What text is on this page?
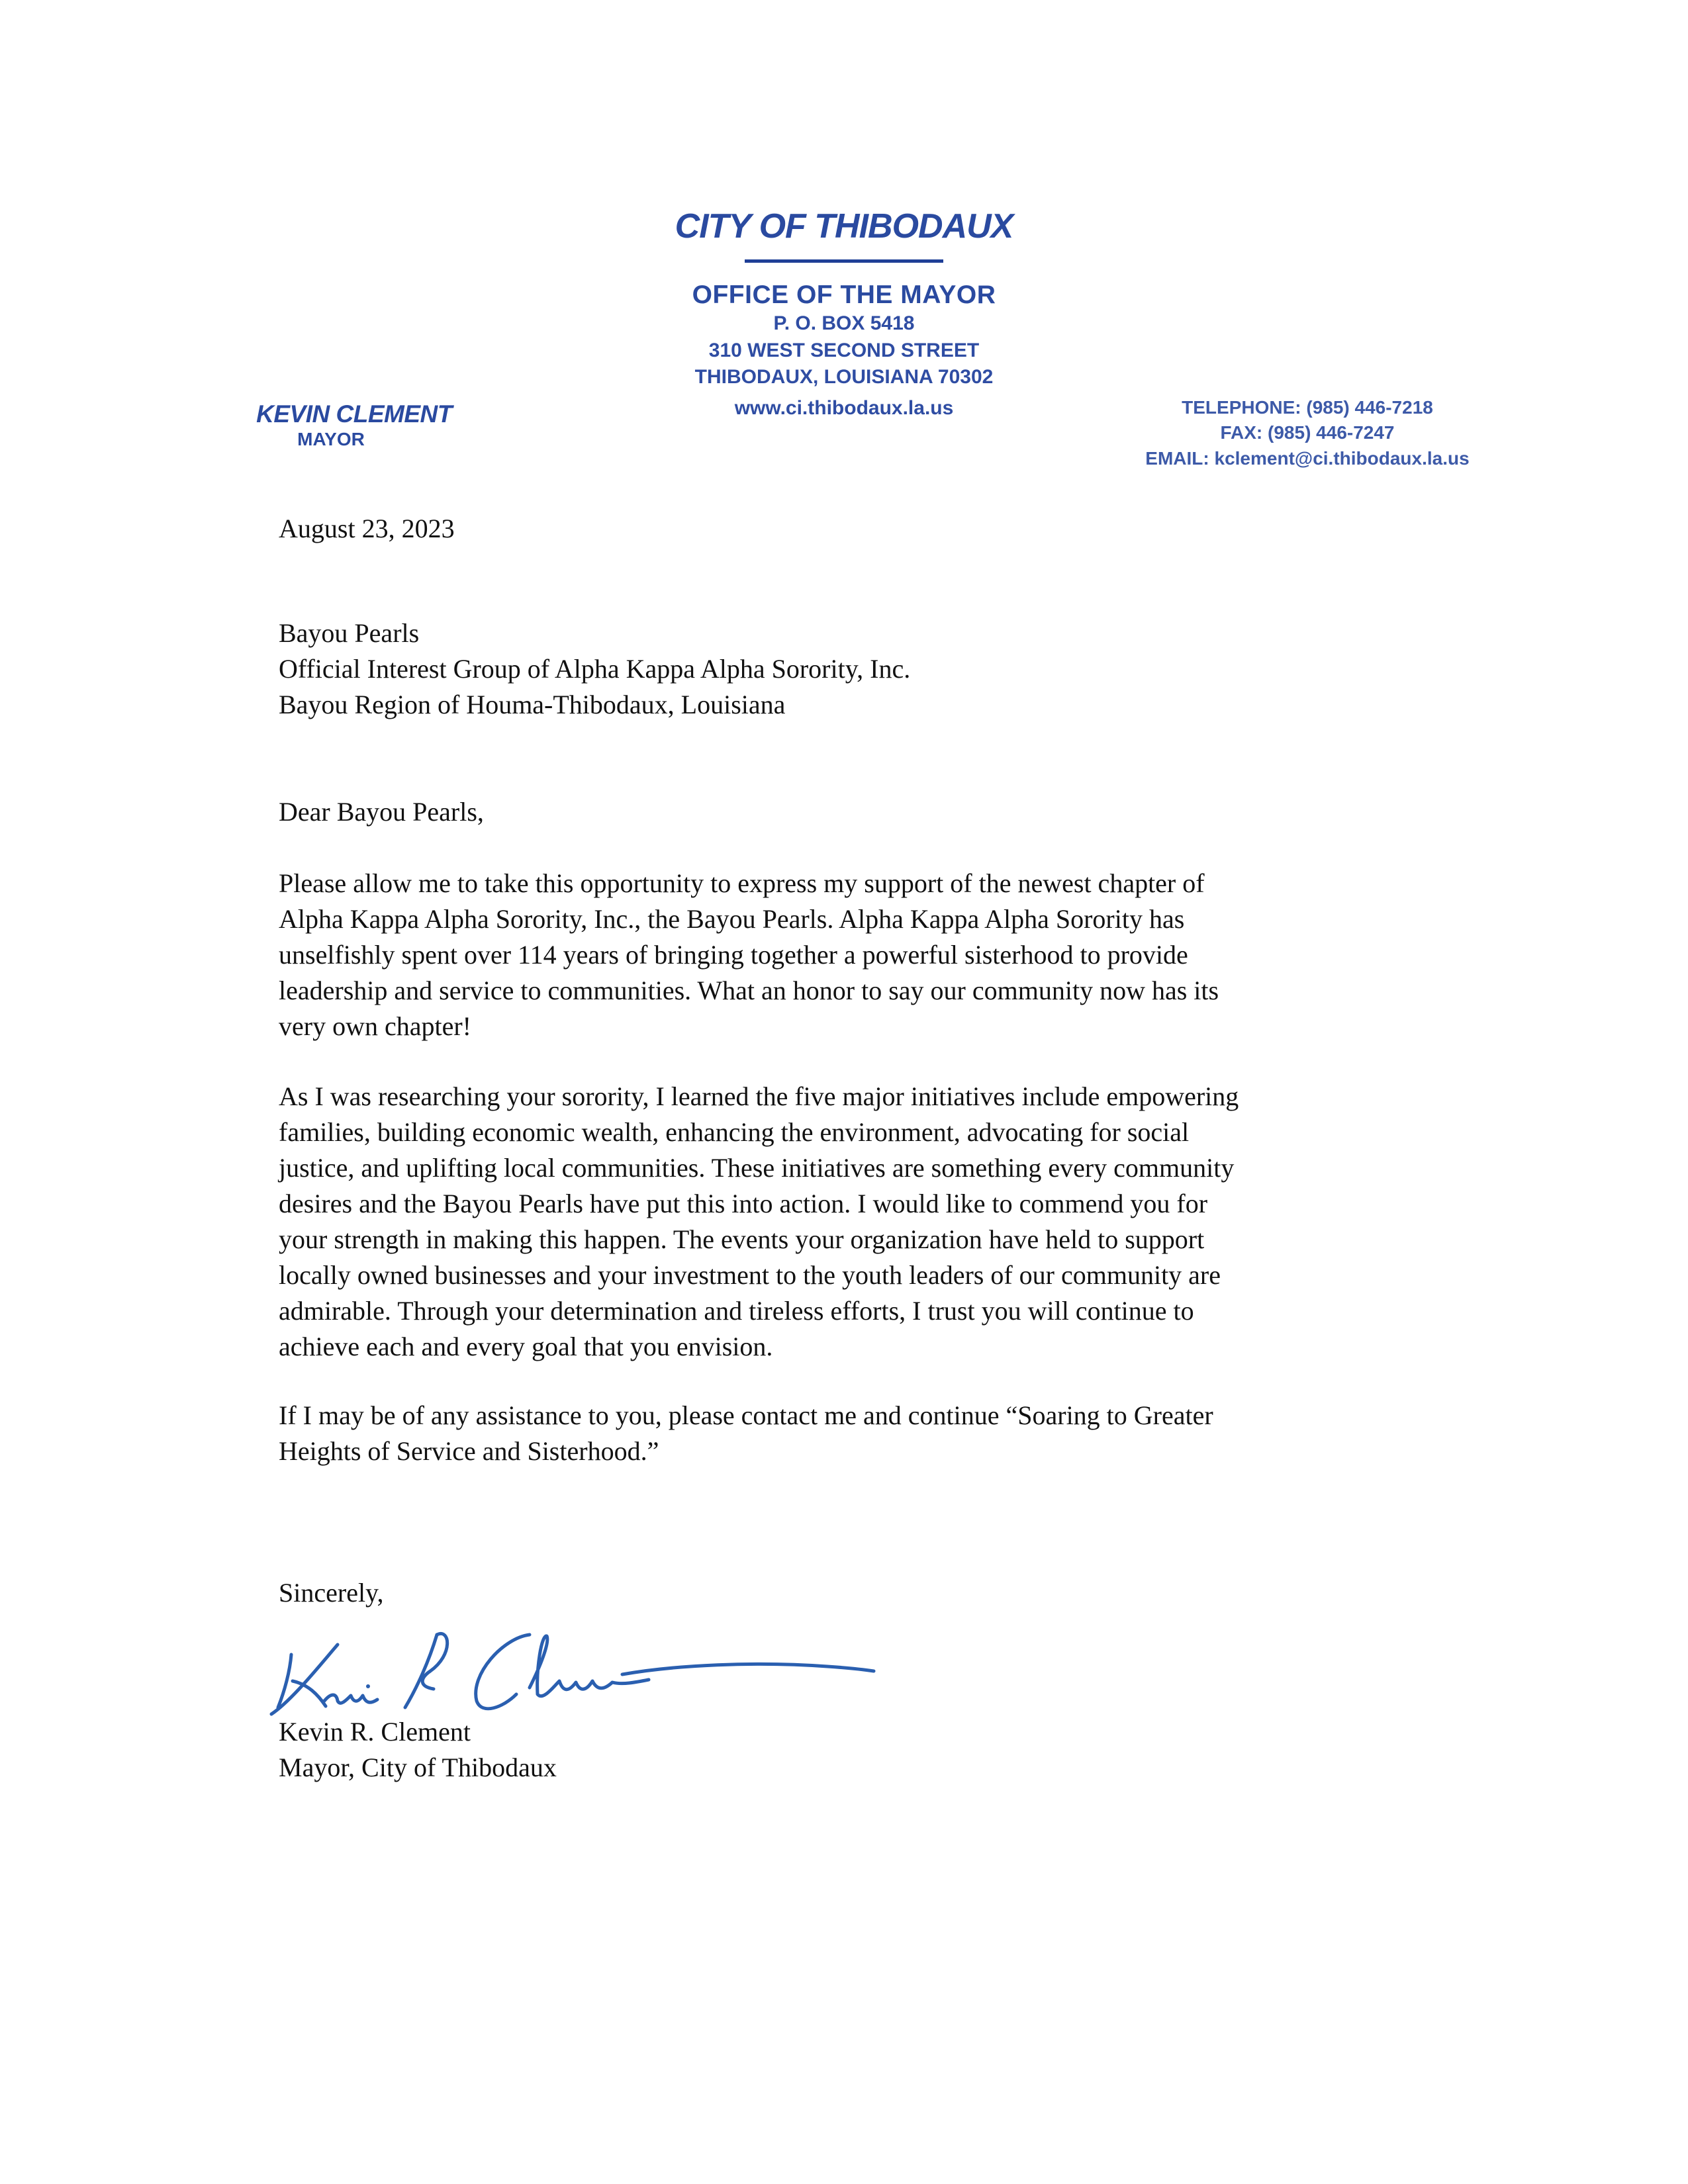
CITY OF THIBODAUX
OFFICE OF THE MAYOR
P. O. BOX 5418
310 WEST SECOND STREET
THIBODAUX, LOUISIANA 70302
www.ci.thibodaux.la.us
KEVIN CLEMENT
MAYOR
TELEPHONE: (985) 446-7218
FAX: (985) 446-7247
EMAIL: kclement@ci.thibodaux.la.us
August 23, 2023
Bayou Pearls
Official Interest Group of Alpha Kappa Alpha Sorority, Inc.
Bayou Region of Houma-Thibodaux, Louisiana
Dear Bayou Pearls,
Please allow me to take this opportunity to express my support of the newest chapter of
Alpha Kappa Alpha Sorority, Inc., the Bayou Pearls. Alpha Kappa Alpha Sorority has
unselfishly spent over 114 years of bringing together a powerful sisterhood to provide
leadership and service to communities. What an honor to say our community now has its
very own chapter!
As I was researching your sorority, I learned the five major initiatives include empowering
families, building economic wealth, enhancing the environment, advocating for social
justice, and uplifting local communities. These initiatives are something every community
desires and the Bayou Pearls have put this into action. I would like to commend you for
your strength in making this happen. The events your organization have held to support
locally owned businesses and your investment to the youth leaders of our community are
admirable. Through your determination and tireless efforts, I trust you will continue to
achieve each and every goal that you envision.
If I may be of any assistance to you, please contact me and continue “Soaring to Greater
Heights of Service and Sisterhood.”
Sincerely,
Kevin R. Clement
Mayor, City of Thibodaux
